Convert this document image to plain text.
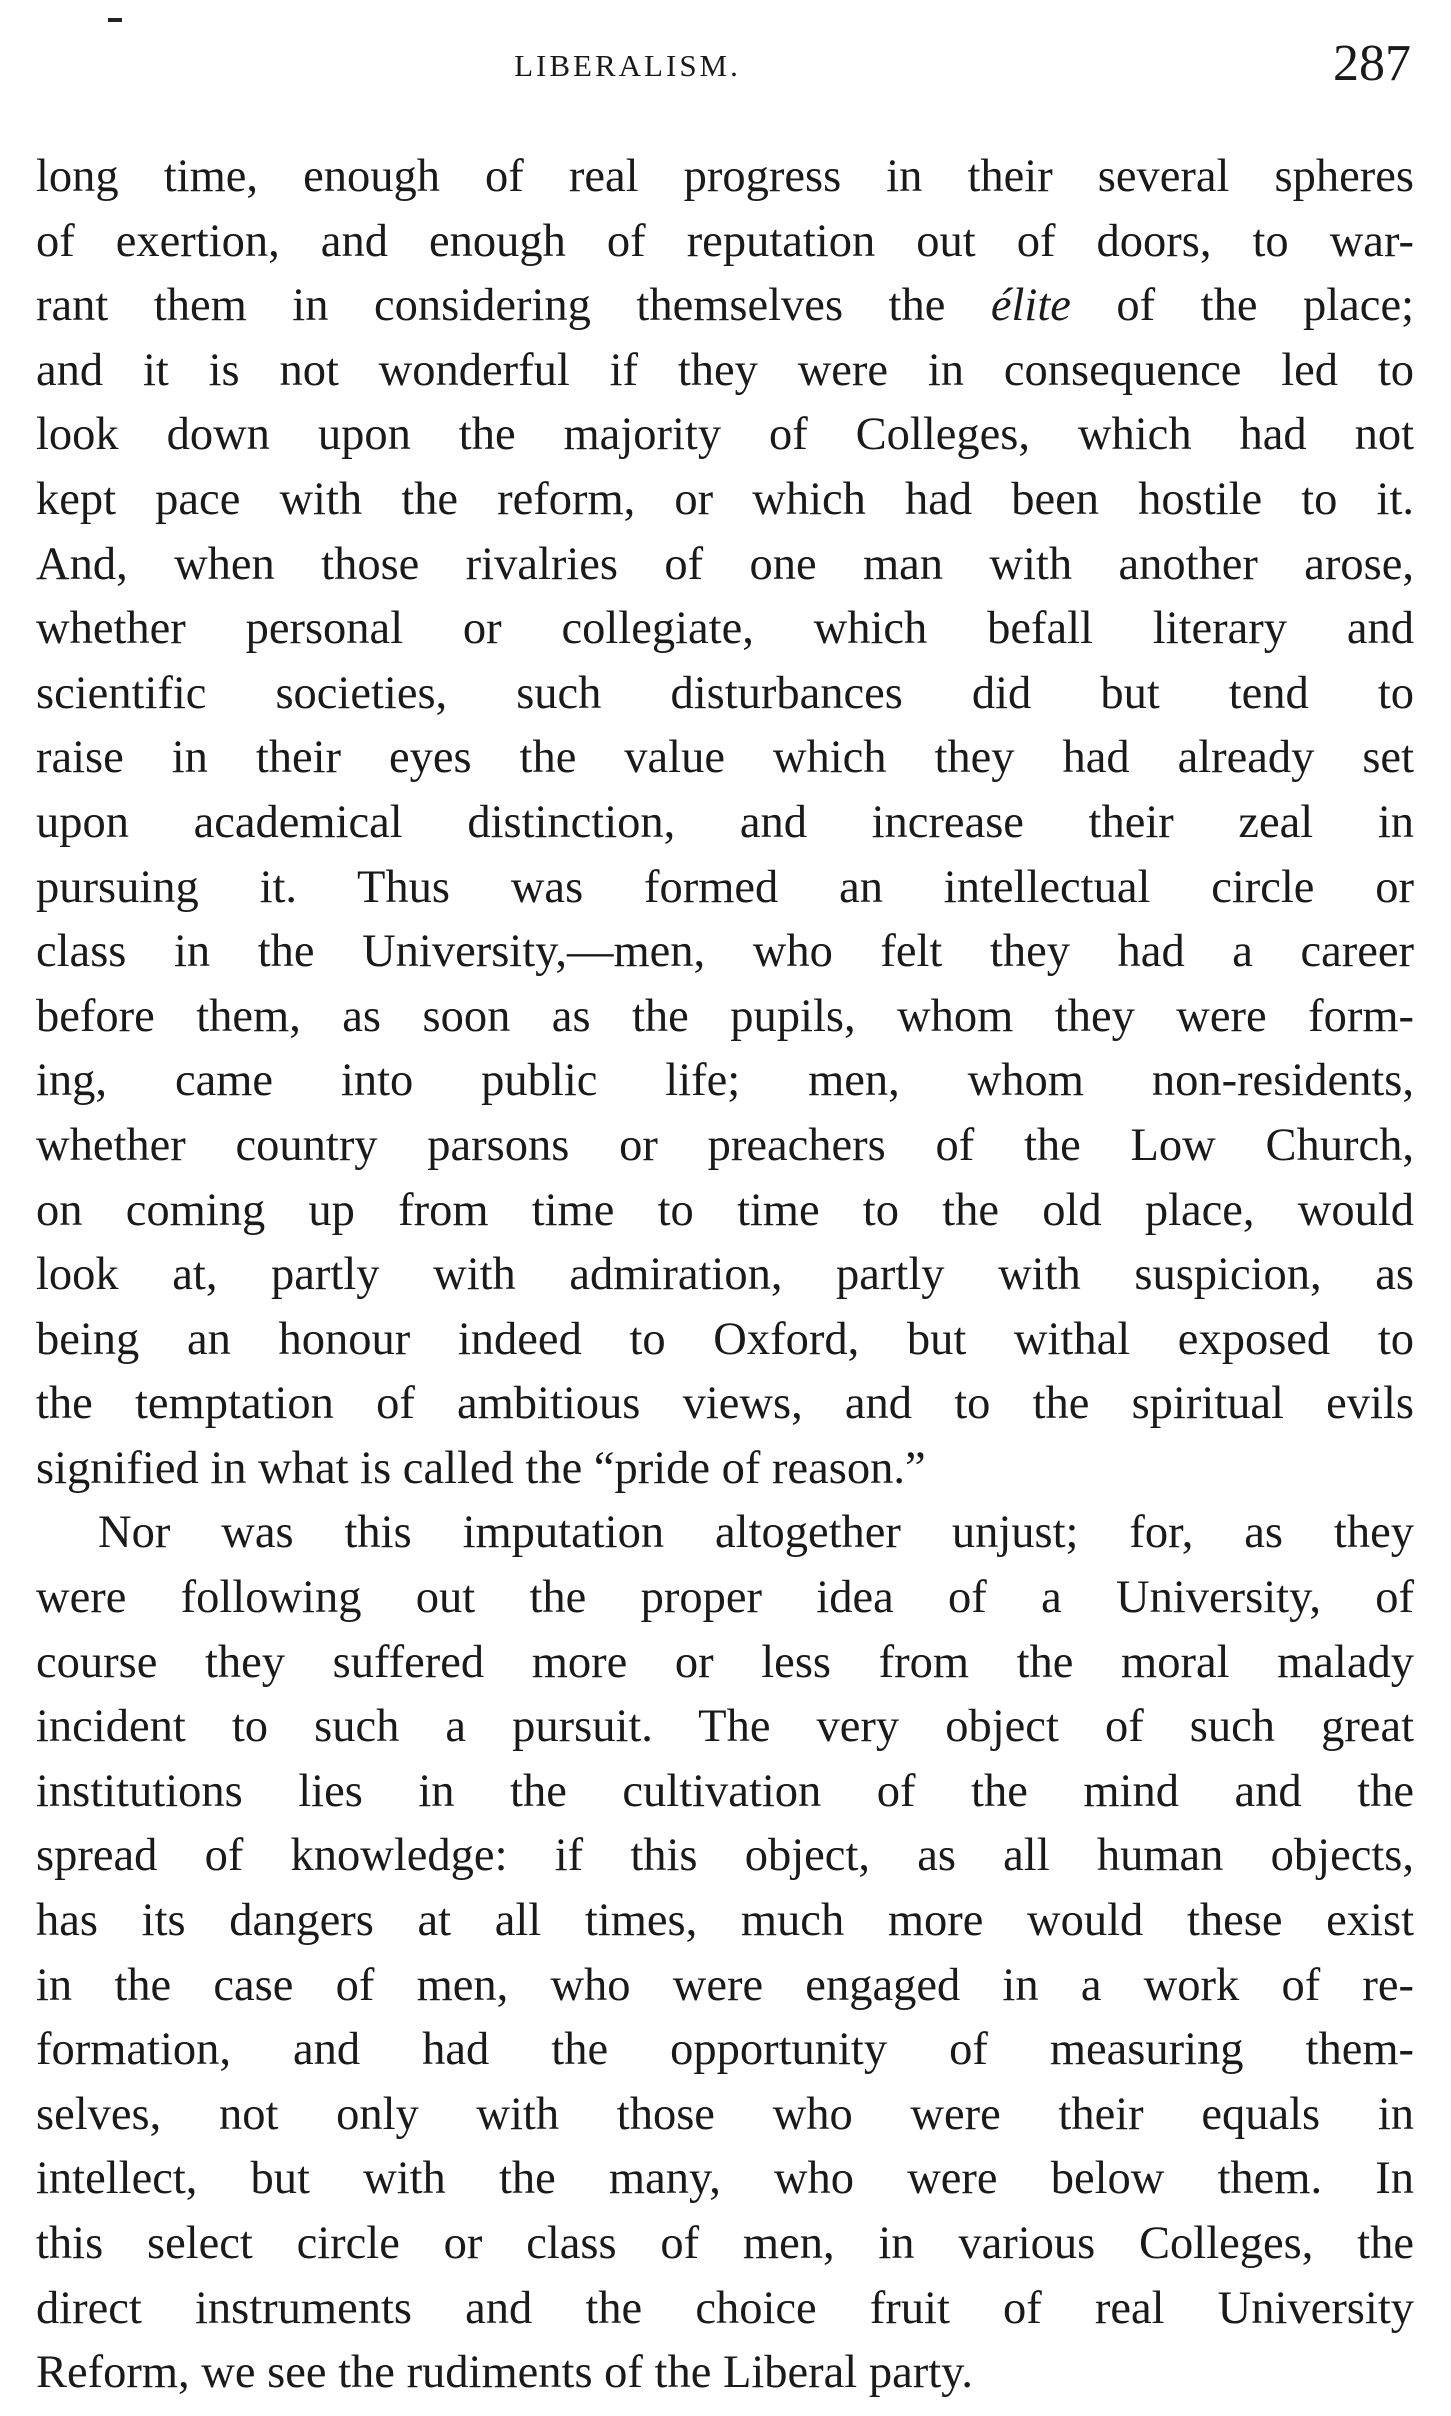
LIBERALISM.	287
long time, enough of real progress in their several spheres
of exertion, and enough of reputation out of doors, to war-
rant them in considering themselves the élite of the place;
and it is not wonderful if they were in consequence led to
look down upon the majority of Colleges, which had not
kept pace with the reform, or which had been hostile to it.
And, when those rivalries of one man with another arose,
whether personal or collegiate, which befall literary and
scientific societies, such disturbances did but tend to
raise in their eyes the value which they had already set
upon academical distinction, and increase their zeal in
pursuing it. Thus was formed an intellectual circle or
class in the University,—men, who felt they had a career
before them, as soon as the pupils, whom they were form-
ing, came into public life; men, whom non-residents,
whether country parsons or preachers of the Low Church,
on coming up from time to time to the old place, would
look at, partly with admiration, partly with suspicion, as
being an honour indeed to Oxford, but withal exposed to
the temptation of ambitious views, and to the spiritual evils
signified in what is called the “pride of reason.”
Nor was this imputation altogether unjust; for, as they
were following out the proper idea of a University, of
course they suffered more or less from the moral malady
incident to such a pursuit. The very object of such great
institutions lies in the cultivation of the mind and the
spread of knowledge: if this object, as all human objects,
has its dangers at all times, much more would these exist
in the case of men, who were engaged in a work of re-
formation, and had the opportunity of measuring them-
selves, not only with those who were their equals in
intellect, but with the many, who were below them. In
this select circle or class of men, in various Colleges, the
direct instruments and the choice fruit of real University
Reform, we see the rudiments of the Liberal party.
